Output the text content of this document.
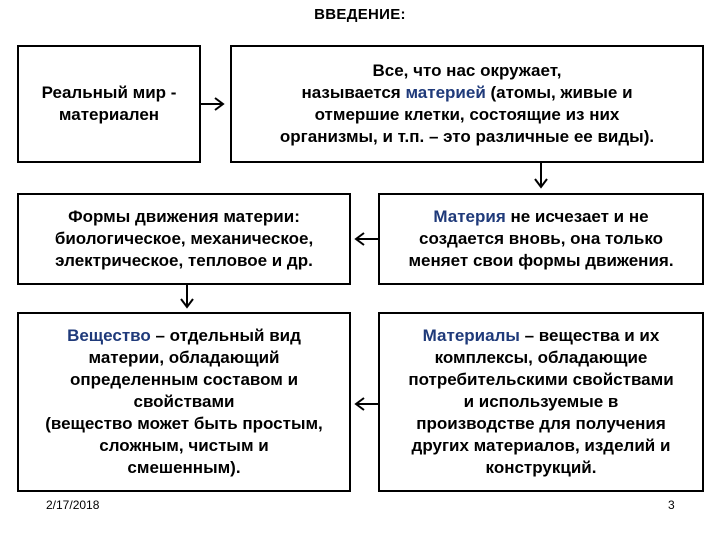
ВВЕДЕНИЕ:
Реальный мир - материален
Все, что нас окружает,
называется материей (атомы, живые и
отмершие клетки, состоящие из них
организмы, и т.п. – это различные ее виды).
Формы движения материи:
биологическое, механическое,
электрическое, тепловое и др.
Материя не исчезает и не
создается вновь, она только
меняет свои формы движения.
Вещество – отдельный вид
материи, обладающий
определенным составом и
свойствами
(вещество может быть простым,
сложным, чистым и
смешенным).
Материалы – вещества и их
комплексы, обладающие
потребительскими свойствами
и используемые в
производстве для получения
других материалов, изделий и
конструкций.
2/17/2018	3
